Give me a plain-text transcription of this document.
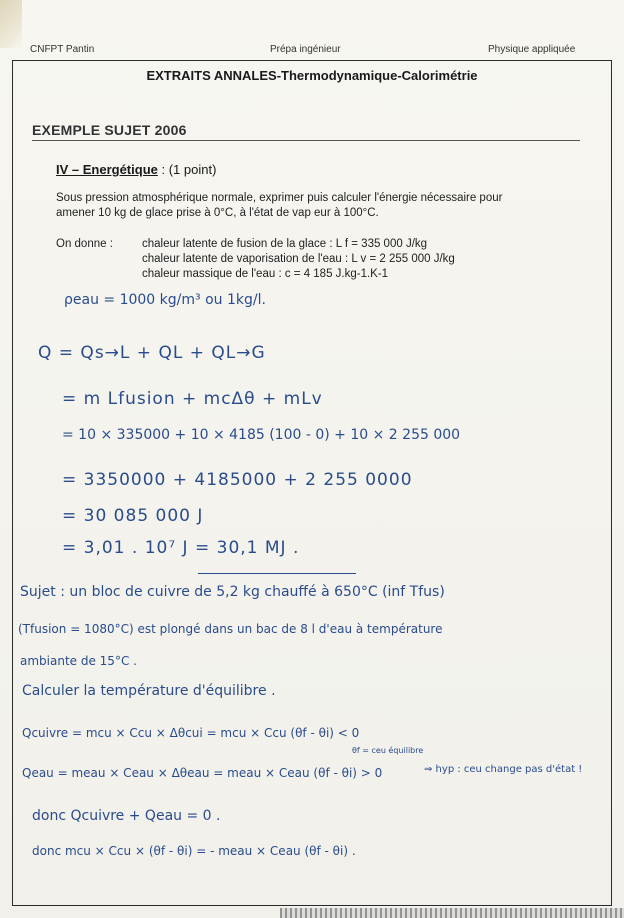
CNFPT Pantin	Prépa ingénieur	Physique appliquée
EXTRAITS ANNALES-Thermodynamique-Calorimétrie
EXEMPLE SUJET 2006
IV – Energétique : (1 point)
Sous pression atmosphérique normale, exprimer puis calculer l'énergie nécessaire pour
amener 10 kg de glace prise à 0°C, à l'état de vap eur à 100°C.
On donne :	chaleur latente de fusion de la glace : L f = 335 000 J/kg
chaleur latente de vaporisation de l'eau : L v = 2 255 000 J/kg
chaleur massique de l'eau : c = 4 185 J.kg-1.K-1
ρeau = 1000 kg/m³ ou 1kg/l.
Q = Qs→L + QL + QL→G
= m Lfusion + mcΔθ + mLv
= 10 × 335000 + 10 × 4185 (100 - 0) + 10 × 2 255 000
= 3350000 + 4185000 + 2 255 0000
= 30 085 000 J
= 3,01 . 10⁷ J = 30,1 MJ .
Sujet : un bloc de cuivre de 5,2 kg chauffé à 650°C (inf Tfus)
(Tfusion = 1080°C) est plongé dans un bac de 8 l d'eau à température
ambiante de 15°C .
Calculer la température d'équilibre .
Qcuivre = mcu × Ccu × Δθcui = mcu × Ccu (θf - θi) < 0
θf = ceu équilibre
Qeau = meau × Ceau × Δθeau = meau × Ceau (θf - θi) > 0	⇒ hyp : ceu change pas d'état !
donc Qcuivre + Qeau = 0 .
donc mcu × Ccu × (θf - θi) = - meau × Ceau (θf - θi) .
